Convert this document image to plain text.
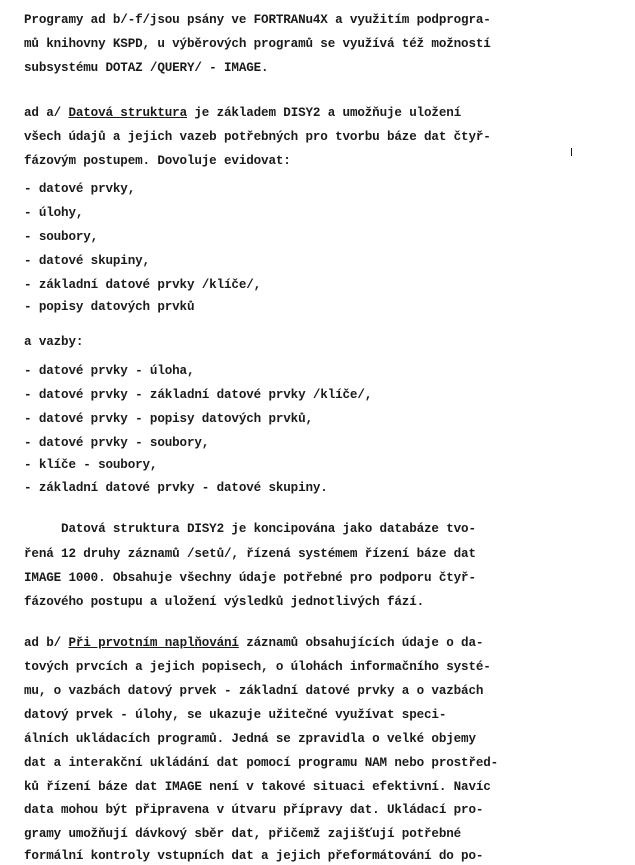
Programy ad b/-f/jsou psány ve FORTRANu4X a využitím podprogra-
mů knihovny KSPD, u výběrových programů se využívá též možností
subsystému DOTAZ /QUERY/ - IMAGE.
ad a/ Datová struktura je základem DISY2 a umožňuje uložení
všech údajů a jejich vazeb potřebných pro tvorbu báze dat čtyř-
fázovým postupem. Dovoluje evidovat:
- datové prvky,
- úlohy,
- soubory,
- datové skupiny,
- základní datové prvky /klíče/,
- popisy datových prvků
a vazby:
- datové prvky - úloha,
- datové prvky - základní datové prvky /klíče/,
- datové prvky - popisy datových prvků,
- datové prvky - soubory,
- klíče - soubory,
- základní datové prvky - datové skupiny.
Datová struktura DISY2 je koncipována jako databáze tvo-
řená 12 druhy záznamů /setů/, řízená systémem řízení báze dat
IMAGE 1000. Obsahuje všechny údaje potřebné pro podporu čtyř-
fázového postupu a uložení výsledků jednotlivých fází.
ad b/ Při prvotním naplňování záznamů obsahujících údaje o da-
tových prvcích a jejich popisech, o úlohách informačního systé-
mu, o vazbách datový prvek - základní datové prvky a o vazbách
datový prvek - úlohy, se ukazuje užitečné využívat speci-
álních ukládacích programů. Jedná se zpravidla o velké objemy
dat a interakční ukládání dat pomocí programu NAM nebo prostřed-
ků řízení báze dat IMAGE není v takové situaci efektivní. Navíc
data mohou být připravena v útvaru přípravy dat. Ukládací pro-
gramy umožňují dávkový sběr dat, přičemž zajišťují potřebné
formální kontroly vstupních dat a jejich přeformátování do po-
